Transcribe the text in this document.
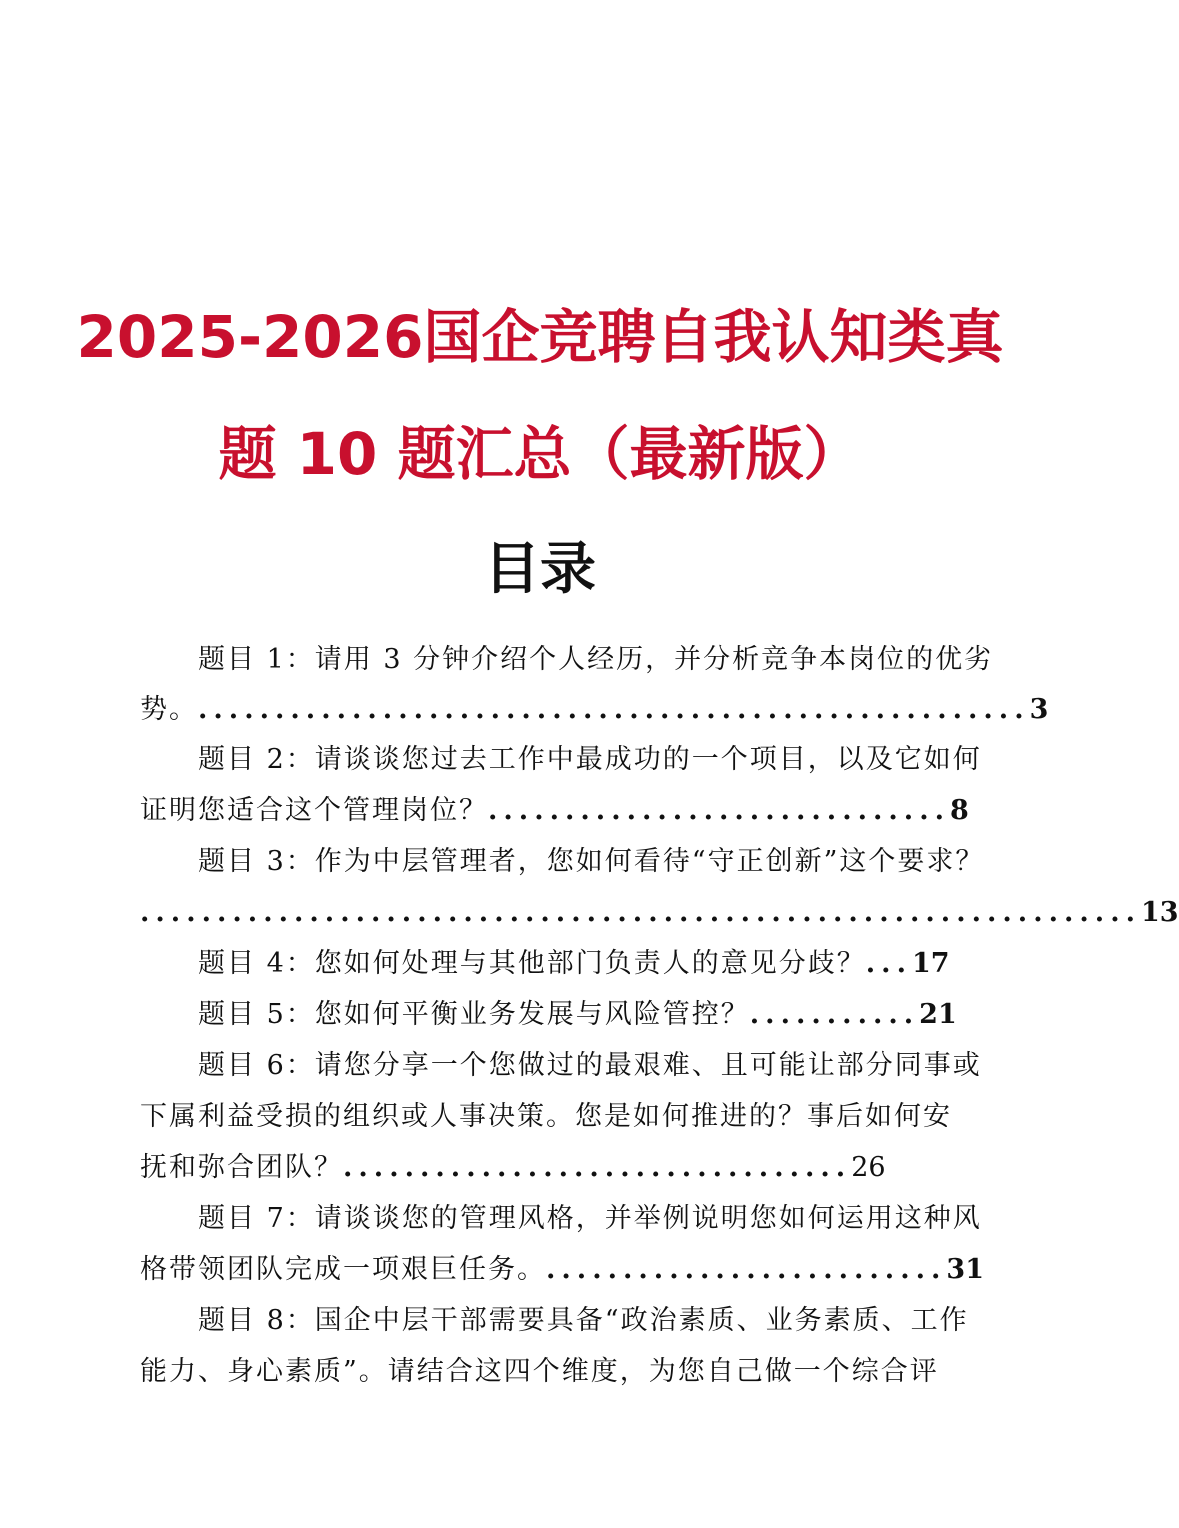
2025-2026国企竞聘自我认知类真
题 10 题汇总（最新版）
目录
题目 1：请用 3 分钟介绍个人经历，并分析竞争本岗位的优劣
势。......................................................3
题目 2：请谈谈您过去工作中最成功的一个项目，以及它如何
证明您适合这个管理岗位？..............................8
题目 3：作为中层管理者，您如何看待“守正创新”这个要求？
.................................................................13
题目 4：您如何处理与其他部门负责人的意见分歧？...17
题目 5：您如何平衡业务发展与风险管控？...........21
题目 6：请您分享一个您做过的最艰难、且可能让部分同事或
下属利益受损的组织或人事决策。您是如何推进的？事后如何安
抚和弥合团队？.................................26
题目 7：请谈谈您的管理风格，并举例说明您如何运用这种风
格带领团队完成一项艰巨任务。..........................31
题目 8：国企中层干部需要具备“政治素质、业务素质、工作
能力、身心素质”。请结合这四个维度，为您自己做一个综合评
